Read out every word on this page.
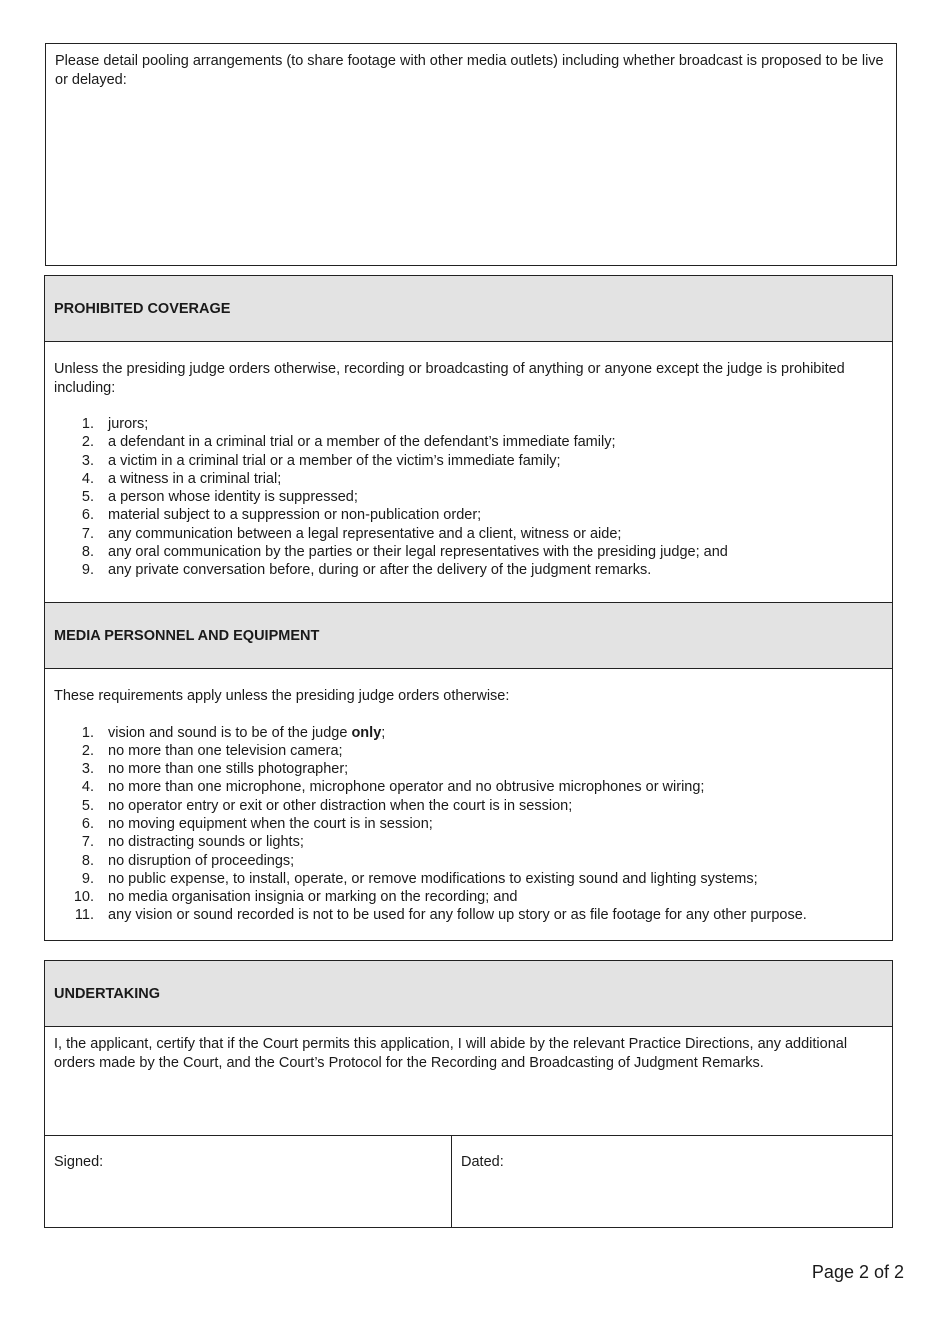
Please detail pooling arrangements (to share footage with other media outlets) including whether broadcast is proposed to be live or delayed:
PROHIBITED COVERAGE
Unless the presiding judge orders otherwise, recording or broadcasting of anything or anyone except the judge is prohibited including:
1. jurors;
2. a defendant in a criminal trial or a member of the defendant’s immediate family;
3. a victim in a criminal trial or a member of the victim’s immediate family;
4. a witness in a criminal trial;
5. a person whose identity is suppressed;
6. material subject to a suppression or non-publication order;
7. any communication between a legal representative and a client, witness or aide;
8. any oral communication by the parties or their legal representatives with the presiding judge; and
9. any private conversation before, during or after the delivery of the judgment remarks.
MEDIA PERSONNEL AND EQUIPMENT
These requirements apply unless the presiding judge orders otherwise:
1. vision and sound is to be of the judge only;
2. no more than one television camera;
3. no more than one stills photographer;
4. no more than one microphone, microphone operator and no obtrusive microphones or wiring;
5. no operator entry or exit or other distraction when the court is in session;
6. no moving equipment when the court is in session;
7. no distracting sounds or lights;
8. no disruption of proceedings;
9. no public expense, to install, operate, or remove modifications to existing sound and lighting systems;
10. no media organisation insignia or marking on the recording; and
11. any vision or sound recorded is not to be used for any follow up story or as file footage for any other purpose.
UNDERTAKING
I, the applicant, certify that if the Court permits this application, I will abide by the relevant Practice Directions, any additional orders made by the Court, and the Court’s Protocol for the Recording and Broadcasting of Judgment Remarks.
Signed:	Dated:
Page 2 of 2
